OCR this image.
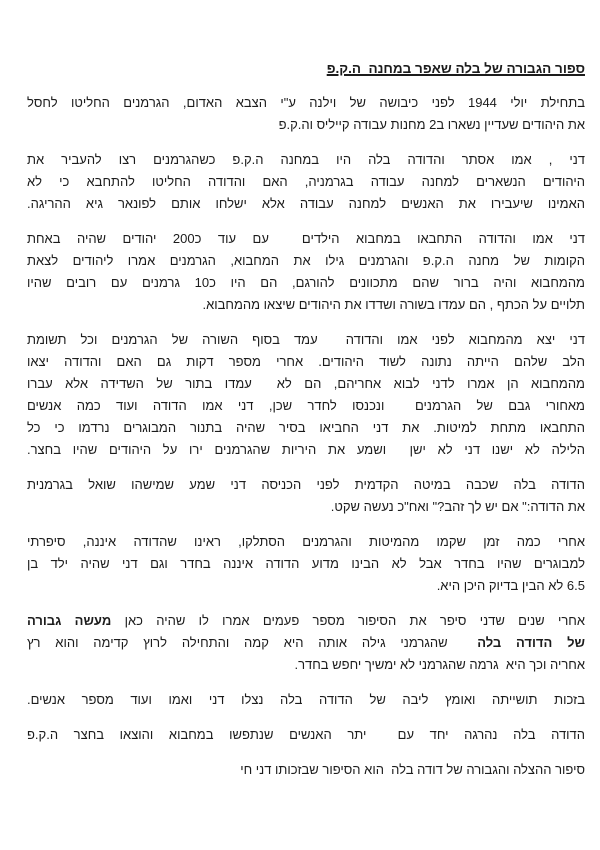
ספור הגבורה של בלה שאפר במחנה  ה.ק.פ
בתחילת יולי 1944 לפני כיבושה של וילנה ע"י הצבא האדום, הגרמנים החליטו לחסל
את היהודים שעדיין נשארו ב2 מחנות עבודה קייליס וה.ק.פ
דני , אמו אסתר והדודה בלה היו במחנה ה.ק.פ כשהגרמנים רצו להעביר את
היהודים הנשארים למחנה עבודה בגרמניה, האם והדודה החליטו להתחבא כי לא
האמינו שיעבירו את האנשים למחנה עבודה אלא ישלחו אותם לפונאר גיא ההריגה.
דני אמו והדודה התחבאו במחבוא הילדים  עם עוד כ200 יהודים שהיה באחת
הקומות של מחנה ה.ק.פ והגרמנים גילו את המחבוא, הגרמנים אמרו ליהודים לצאת
מהמחבוא והיה ברור שהם מתכוונים להורגם, הם היו כ10 גרמנים עם רובים שהיו
תלויים על הכתף , הם עמדו בשורה ושדדו את היהודים שיצאו מהמחבוא.
דני יצא מהמחבוא לפני אמו והדודה  עמד בסוף השורה של הגרמנים וכל תשומת
הלב שלהם הייתה נתונה לשוד היהודים. אחרי מספר דקות גם האם והדודה יצאו
מהמחבוא הן אמרו לדני לבוא אחריהם, הם לא  עמדו בתור של השדידה אלא עברו
מאחורי גבם של הגרמנים  ונכנסו לחדר שכן, דני אמו הדודה ועוד כמה אנשים
התחבאו מתחת למיטות. את דני החביאו בסיר שהיה בתנור המבוגרים נרדמו כי כל
הלילה לא ישנו דני לא ישן  ושמע את היריות שהגרמנים ירו על היהודים שהיו בחצר.
הדודה בלה שכבה במיטה הקדמית לפני הכניסה דני שמע שמישהו שואל בגרמנית
את הדודה:" אם יש לך זהב?" ואח"כ נעשה שקט.
אחרי כמה זמן שקמו מהמיטות והגרמנים הסתלקו, ראינו שהדודה איננה, סיפרתי
למבוגרים שהיו בחדר אבל לא הבינו מדוע הדודה איננה בחדר וגם דני שהיה ילד בן
6.5 לא הבין בדיוק היכן היא.
אחרי שנים שדני סיפר את הסיפור מספר פעמים אמרו לו שהיה כאן מעשה גבורה
של הדודה בלה  שהגרמני גילה אותה היא קמה והתחילה לרוץ קדימה והוא רץ
אחריה וכך היא  גרמה שהגרמני לא ימשיך יחפש בחדר.
בזכות תושייתה ואומץ ליבה של הדודה בלה נצלו דני ואמו ועוד מספר אנשים.
הדודה בלה נהרגה יחד עם  יתר האנשים שנתפשו במחבוא והוצאו בחצר ה.ק.פ
סיפור ההצלה והגבורה של דודה בלה  הוא הסיפור שבזכותו דני חי
